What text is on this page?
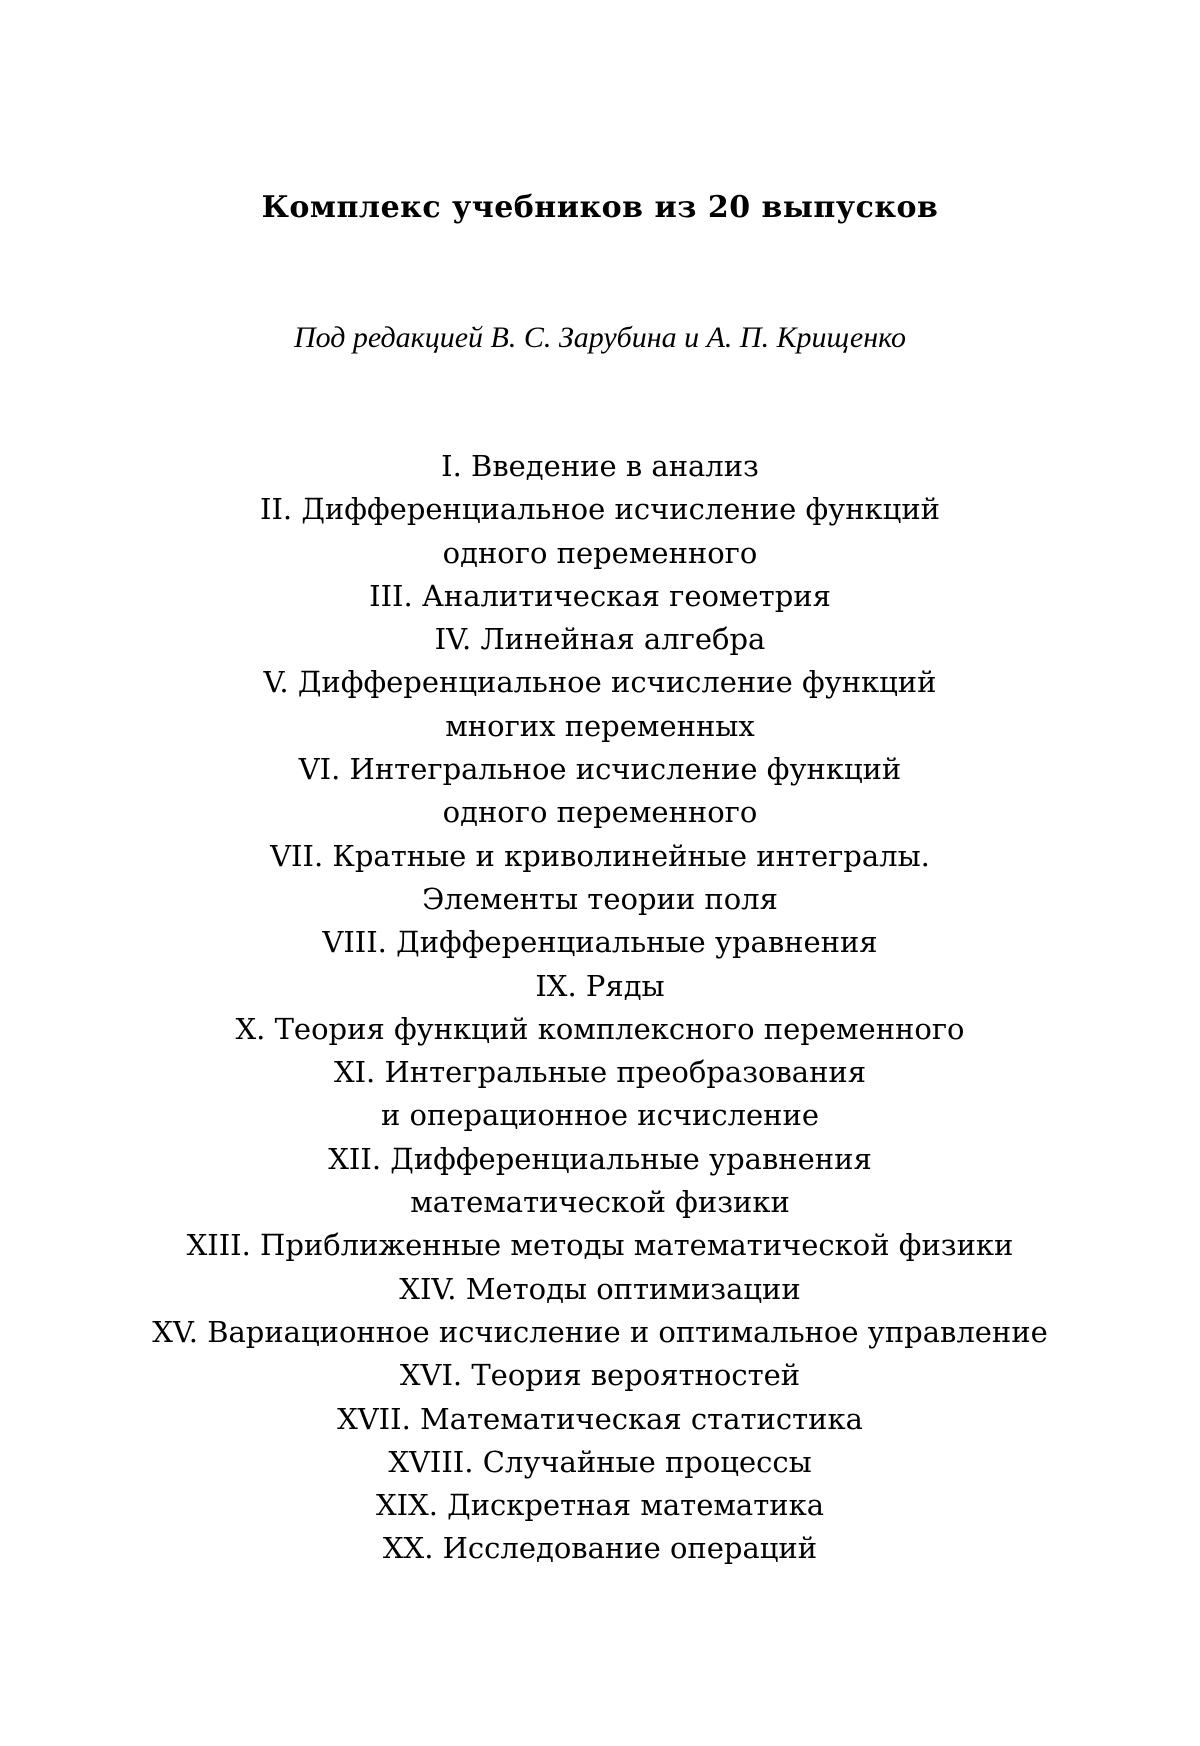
Комплекс учебников из 20 выпусков
Под редакцией В. С. Зарубина и А. П. Крищенко
I. Введение в анализ
II. Дифференциальное исчисление функций
одного переменного
III. Аналитическая геометрия
IV. Линейная алгебра
V. Дифференциальное исчисление функций
многих переменных
VI. Интегральное исчисление функций
одного переменного
VII. Кратные и криволинейные интегралы.
Элементы теории поля
VIII. Дифференциальные уравнения
IX. Ряды
X. Теория функций комплексного переменного
XI. Интегральные преобразования
и операционное исчисление
XII. Дифференциальные уравнения
математической физики
XIII. Приближенные методы математической физики
XIV. Методы оптимизации
XV. Вариационное исчисление и оптимальное управление
XVI. Теория вероятностей
XVII. Математическая статистика
XVIII. Случайные процессы
XIX. Дискретная математика
XX. Исследование операций
